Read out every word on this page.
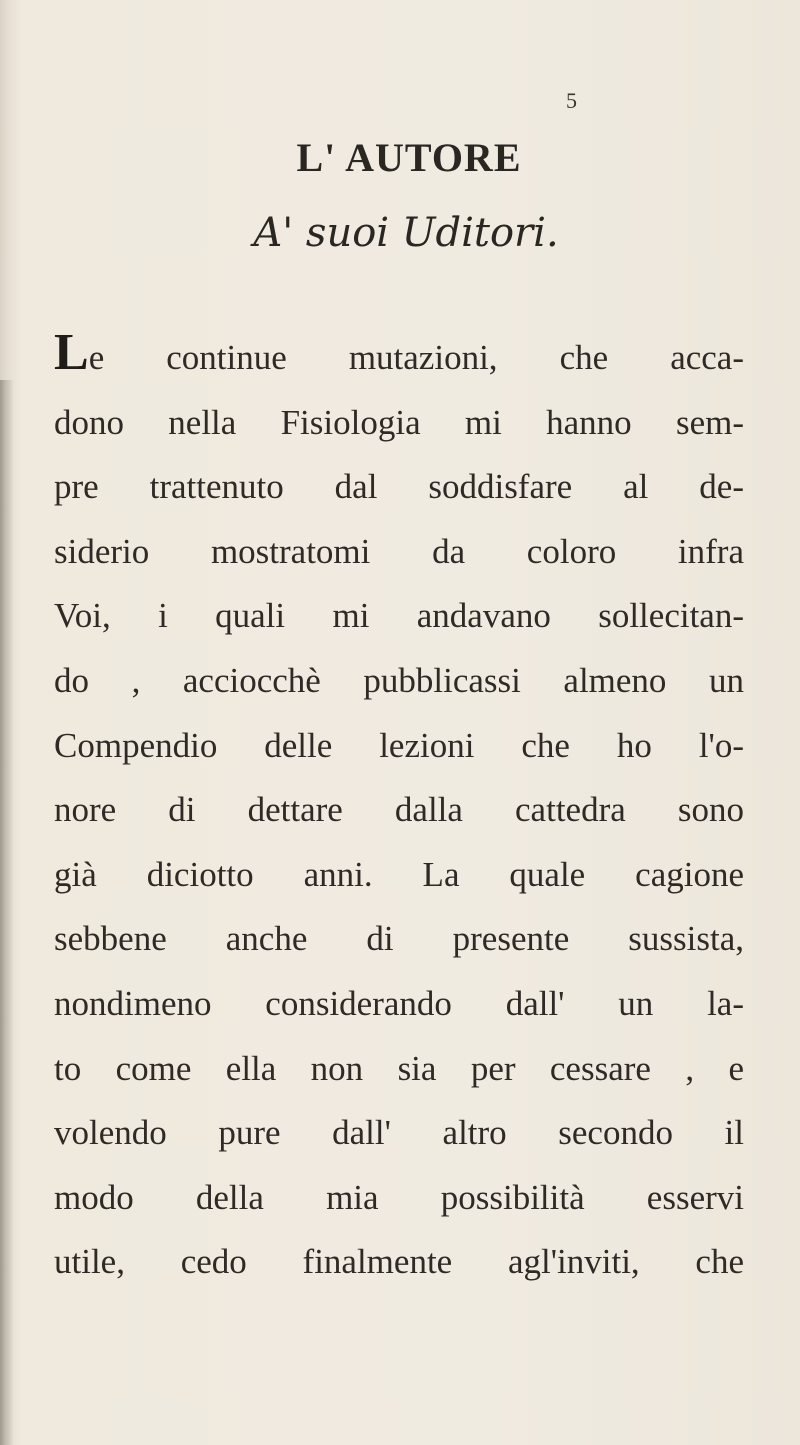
5
L' AUTORE
A' suoi Uditori.
Le continue mutazioni, che acca-
dono nella Fisiologia mi hanno sem-
pre trattenuto dal soddisfare al de-
siderio mostratomi da coloro infra
Voi, i quali mi andavano sollecitan-
do , acciocchè pubblicassi almeno un
Compendio delle lezioni che ho l'o-
nore di dettare dalla cattedra sono
già diciotto anni. La quale cagione
sebbene anche di presente sussista,
nondimeno considerando dall' un la-
to come ella non sia per cessare , e
volendo pure dall' altro secondo il
modo della mia possibilità esservi
utile, cedo finalmente agl'inviti, che
